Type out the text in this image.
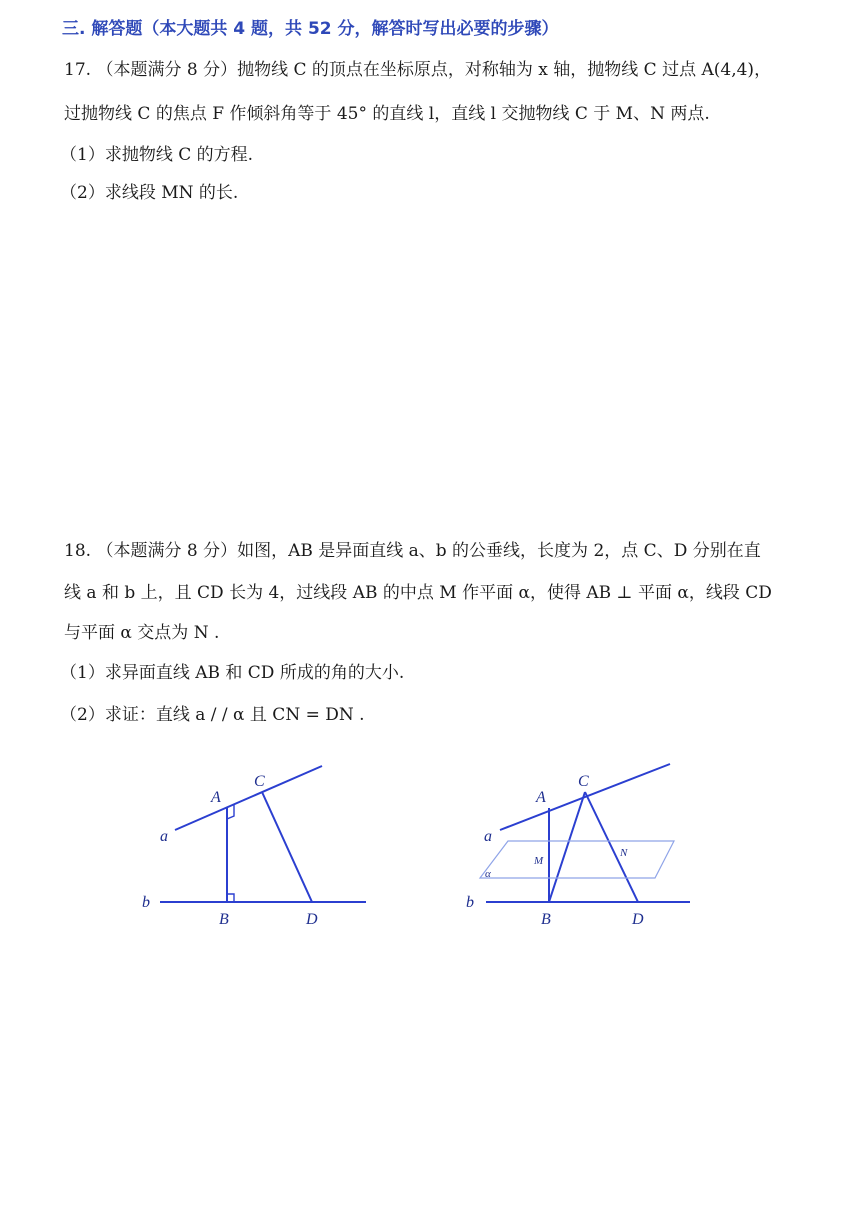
三. 解答题（本大题共 4 题，共 52 分，解答时写出必要的步骤）
17. （本题满分 8 分）抛物线 C 的顶点在坐标原点，对称轴为 x 轴，抛物线 C 过点 A(4,4)，
过抛物线 C 的焦点 F 作倾斜角等于 45° 的直线 l，直线 l 交抛物线 C 于 M、N 两点.
（1）求抛物线 C 的方程.
（2）求线段 MN 的长.
18. （本题满分 8 分）如图，AB 是异面直线 a、b 的公垂线，长度为 2，点 C、D 分别在直
线 a 和 b 上，且 CD 长为 4，过线段 AB 的中点 M 作平面 α，使得 AB ⊥ 平面 α，线段 CD
与平面 α 交点为 N .
（1）求异面直线 AB 和 CD 所成的角的大小.
（2）求证：直线 a / / α 且 CN = DN .
a
b
A
B
C
D
a
b
A
B
C
D
M
N
α
